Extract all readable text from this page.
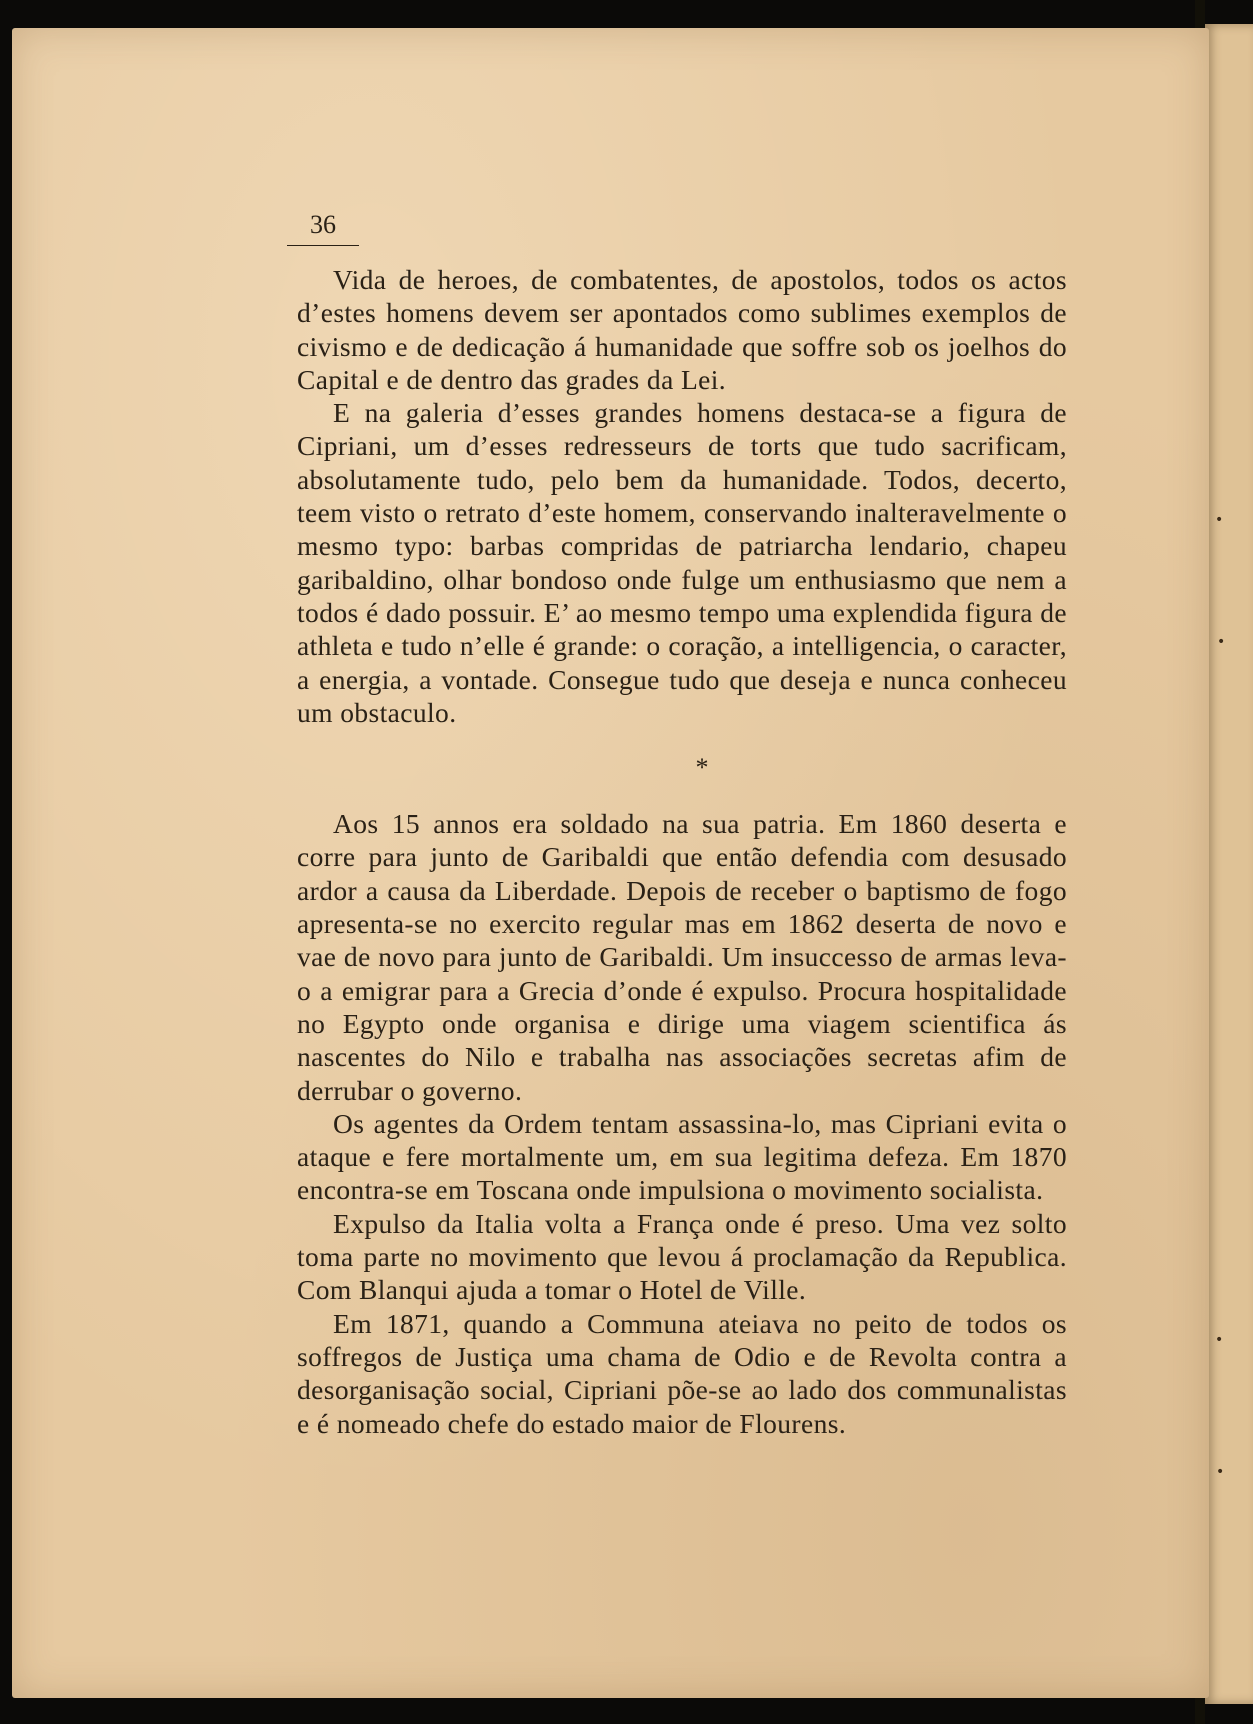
•
•
•
•
36

Vida de heroes, de combatentes, de apostolos, todos os actos d’estes homens devem ser apontados como sublimes exemplos de civismo e de dedicação á humanidade que soffre sob os joelhos do Capital e de dentro das grades da Lei.

E na galeria d’esses grandes homens destaca-se a figura de Cipriani, um d’esses redresseurs de torts que tudo sacrificam, absolutamente tudo, pelo bem da humanidade. Todos, decerto, teem visto o retrato d’este homem, conservando inalteravelmente o mesmo typo: barbas compridas de patriarcha lendario, chapeu garibaldino, olhar bondoso onde fulge um enthusiasmo que nem a todos é dado possuir. E’ ao mesmo tempo uma explendida figura de athleta e tudo n’elle é grande: o coração, a intelligencia, o caracter, a energia, a vontade. Consegue tudo que deseja e nunca conheceu um obstaculo.

*

Aos 15 annos era soldado na sua patria. Em 1860 deserta e corre para junto de Garibaldi que então defendia com desusado ardor a causa da Liberdade. Depois de receber o baptismo de fogo apresenta-se no exercito regular mas em 1862 deserta de novo e vae de novo para junto de Garibaldi. Um insuccesso de armas leva-o a emigrar para a Grecia d’onde é expulso. Procura hospitalidade no Egypto onde organisa e dirige uma viagem scientifica ás nascentes do Nilo e trabalha nas associações secretas afim de derrubar o governo.

Os agentes da Ordem tentam assassina-lo, mas Cipriani evita o ataque e fere mortalmente um, em sua legitima defeza. Em 1870 encontra-se em Toscana onde impulsiona o movimento socialista.

Expulso da Italia volta a França onde é preso. Uma vez solto toma parte no movimento que levou á proclamação da Republica. Com Blanqui ajuda a tomar o Hotel de Ville.

Em 1871, quando a Communa ateiava no peito de todos os soffregos de Justiça uma chama de Odio e de Revolta contra a desorganisação social, Cipriani põe-se ao lado dos communalistas e é nomeado chefe do estado maior de Flourens.
